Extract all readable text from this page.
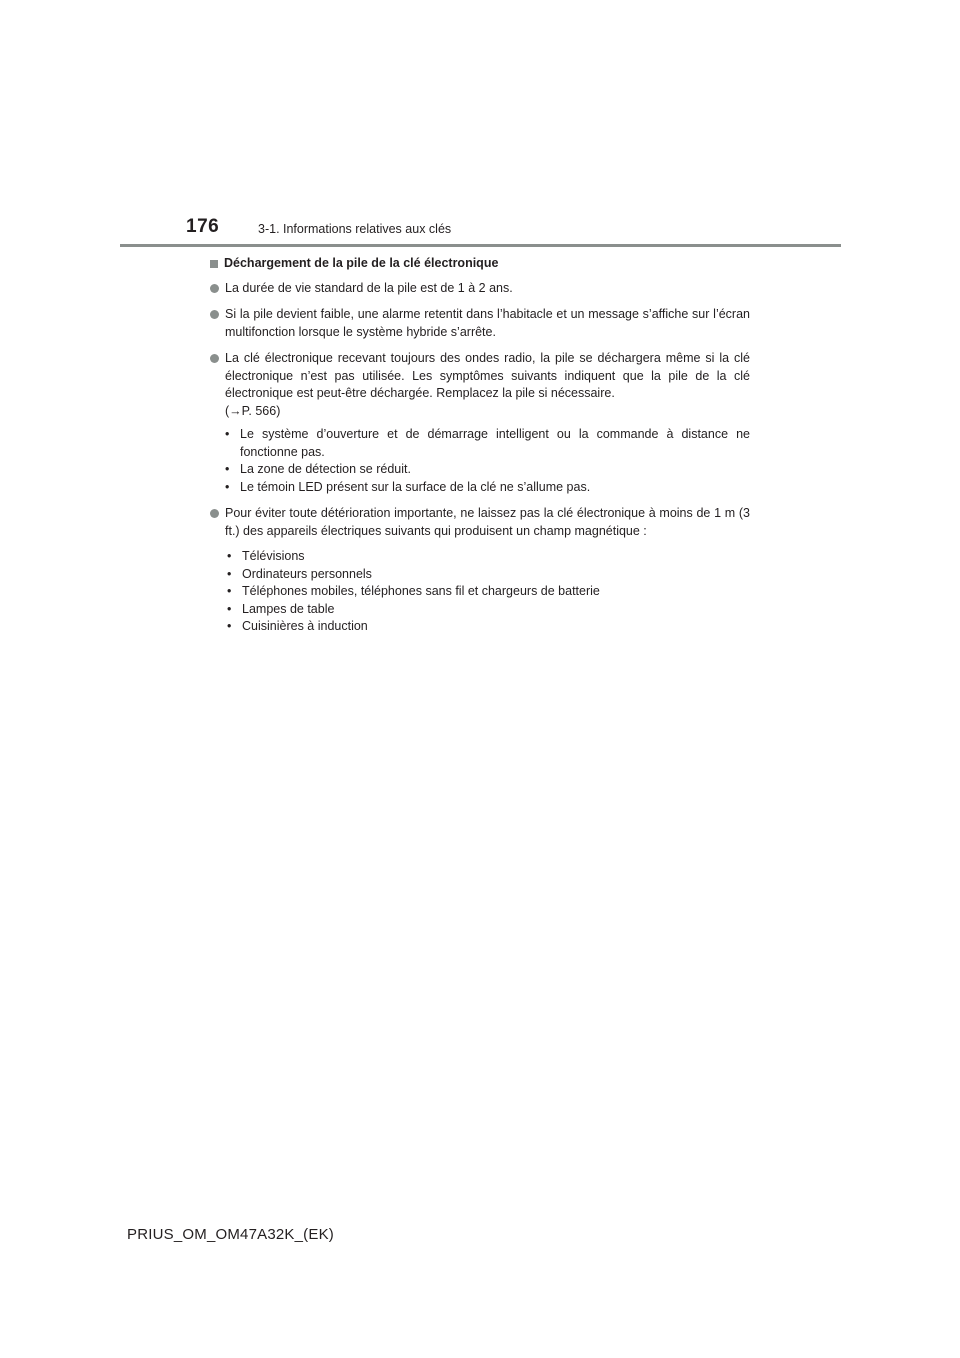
176	3-1. Informations relatives aux clés
Déchargement de la pile de la clé électronique
La durée de vie standard de la pile est de 1 à 2 ans.
Si la pile devient faible, une alarme retentit dans l’habitacle et un message s’affiche sur l’écran multifonction lorsque le système hybride s’arrête.
La clé électronique recevant toujours des ondes radio, la pile se déchargera même si la clé électronique n’est pas utilisée. Les symptômes suivants indiquent que la pile de la clé électronique est peut-être déchargée. Remplacez la pile si nécessaire.
(→P. 566)
• Le système d’ouverture et de démarrage intelligent ou la commande à distance ne fonctionne pas.
• La zone de détection se réduit.
• Le témoin LED présent sur la surface de la clé ne s’allume pas.
Pour éviter toute détérioration importante, ne laissez pas la clé électronique à moins de 1 m (3 ft.) des appareils électriques suivants qui produisent un champ magnétique :
• Télévisions
• Ordinateurs personnels
• Téléphones mobiles, téléphones sans fil et chargeurs de batterie
• Lampes de table
• Cuisinières à induction
PRIUS_OM_OM47A32K_(EK)
